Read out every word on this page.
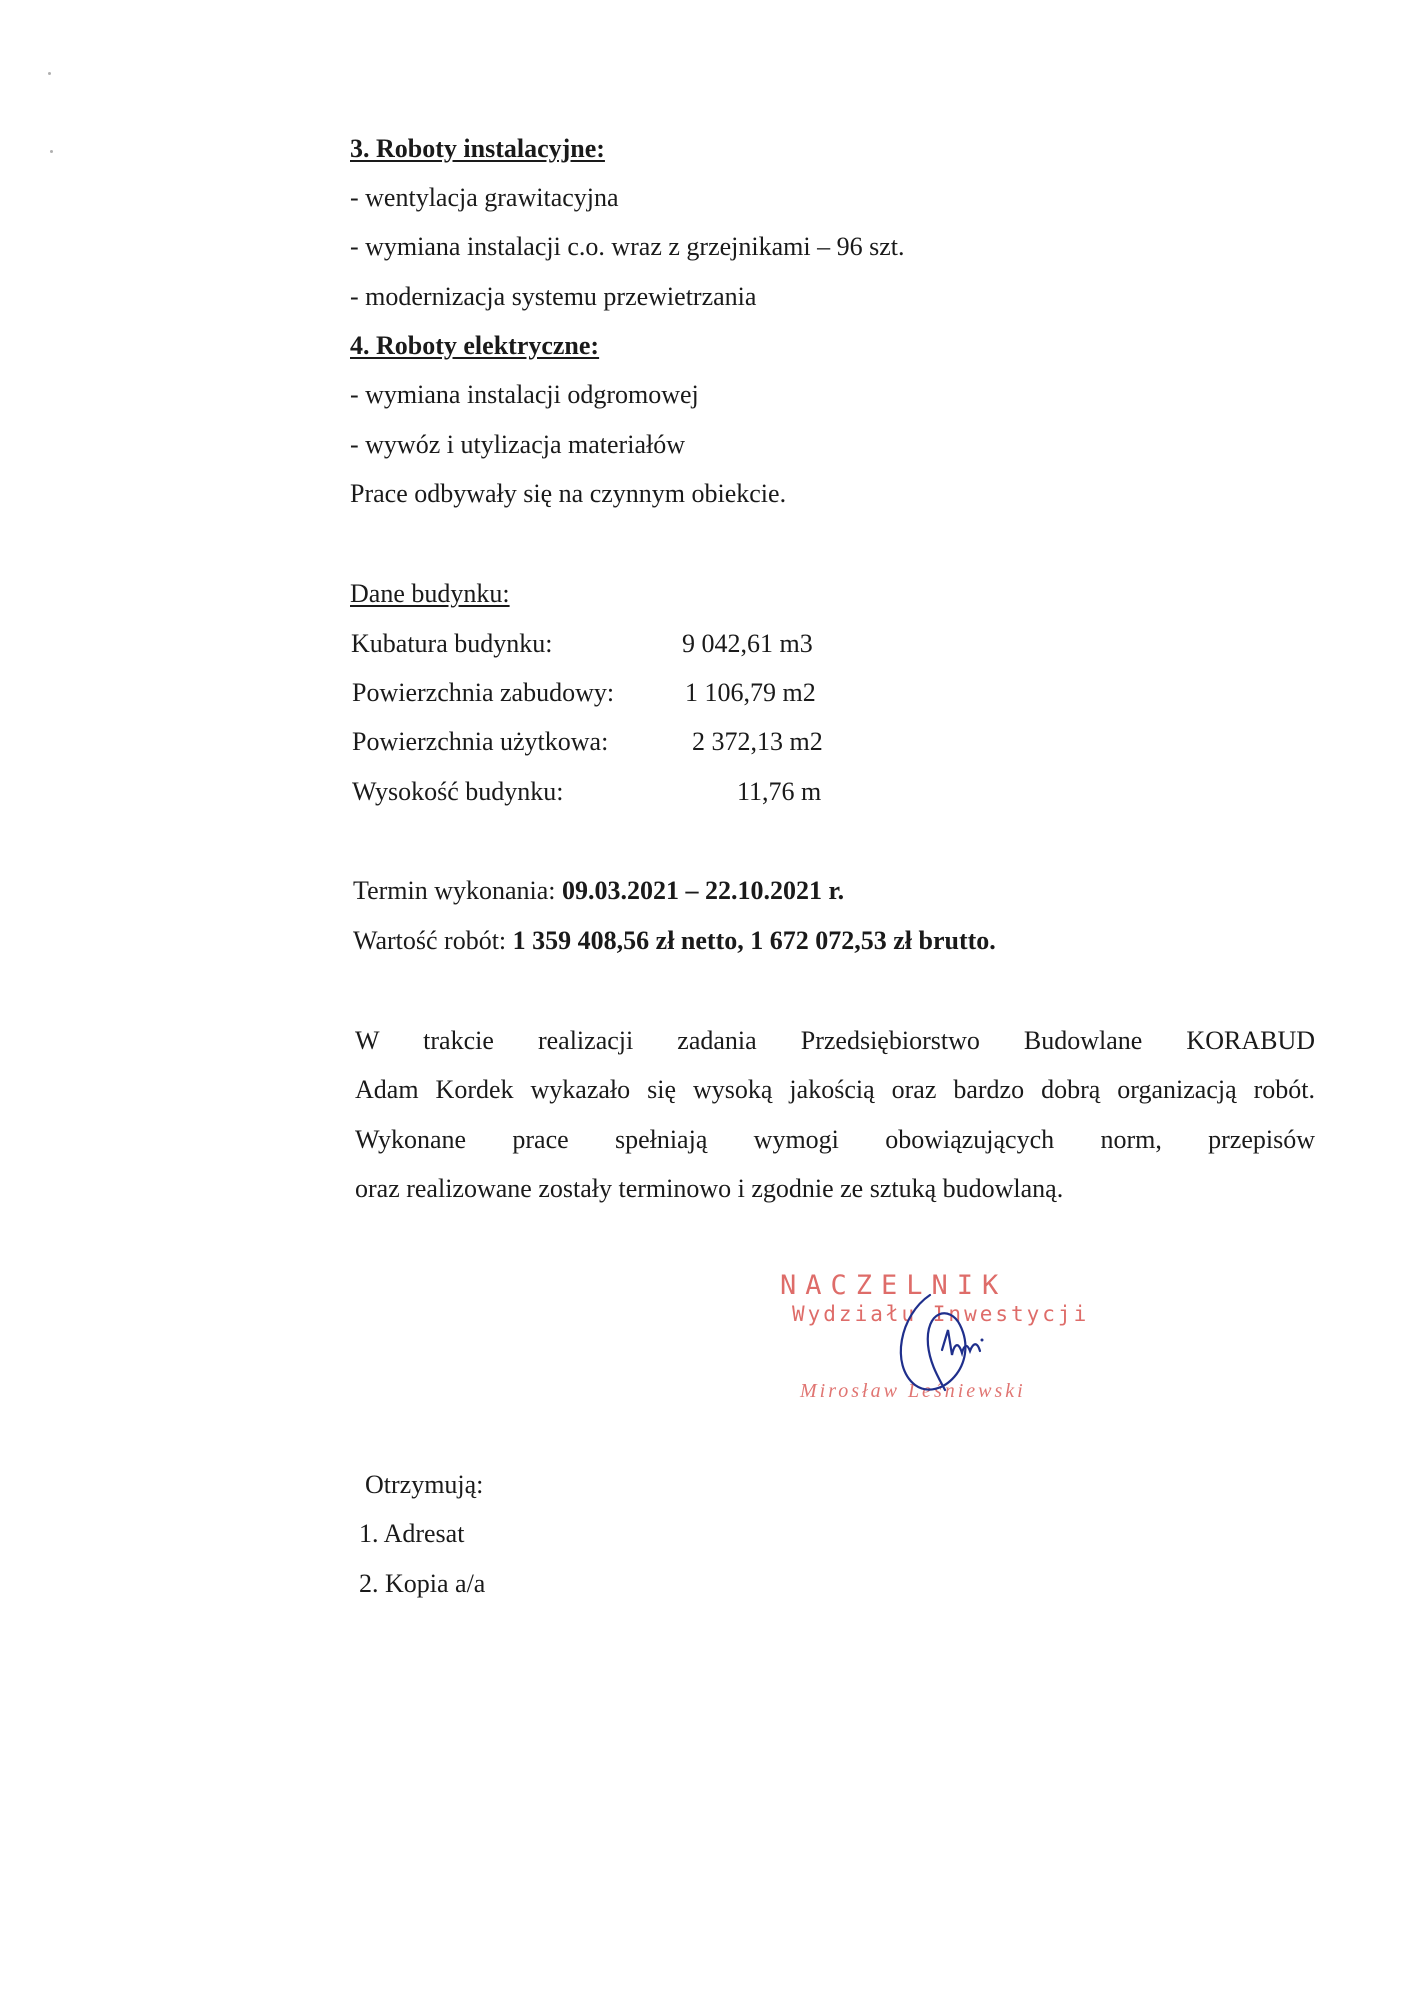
3. Roboty instalacyjne:
- wentylacja grawitacyjna
- wymiana instalacji c.o. wraz z grzejnikami – 96 szt.
- modernizacja systemu przewietrzania
4. Roboty elektryczne:
- wymiana instalacji odgromowej
- wywóz i utylizacja materiałów
Prace odbywały się na czynnym obiekcie.
Dane budynku:
Kubatura budynku:	9 042,61 m3
Powierzchnia zabudowy:	1 106,79 m2
Powierzchnia użytkowa:	2 372,13 m2
Wysokość budynku:	11,76 m
Termin wykonania: 09.03.2021 – 22.10.2021 r.
Wartość robót: 1 359 408,56 zł netto, 1 672 072,53 zł brutto.
W trakcie realizacji zadania Przedsiębiorstwo Budowlane KORABUD
Adam Kordek wykazało się wysoką jakością oraz bardzo dobrą organizacją robót.
Wykonane prace spełniają wymogi obowiązujących norm, przepisów
oraz realizowane zostały terminowo i zgodnie ze sztuką budowlaną.
NACZELNIK
Wydziału Inwestycji
Mirosław Leśniewski
Otrzymują:
1. Adresat
2. Kopia a/a
